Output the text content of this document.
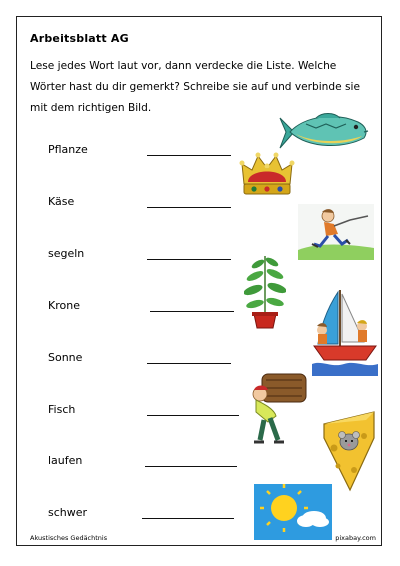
Arbeitsblatt AG
Lese jedes Wort laut vor, dann verdecke die Liste. Welche Wörter hast du dir gemerkt? Schreibe sie auf und verbinde sie mit dem richtigen Bild.
Pflanze
Käse
segeln
Krone
Sonne
Fisch
laufen
schwer
Akustisches Gedächtnis	pixabay.com
